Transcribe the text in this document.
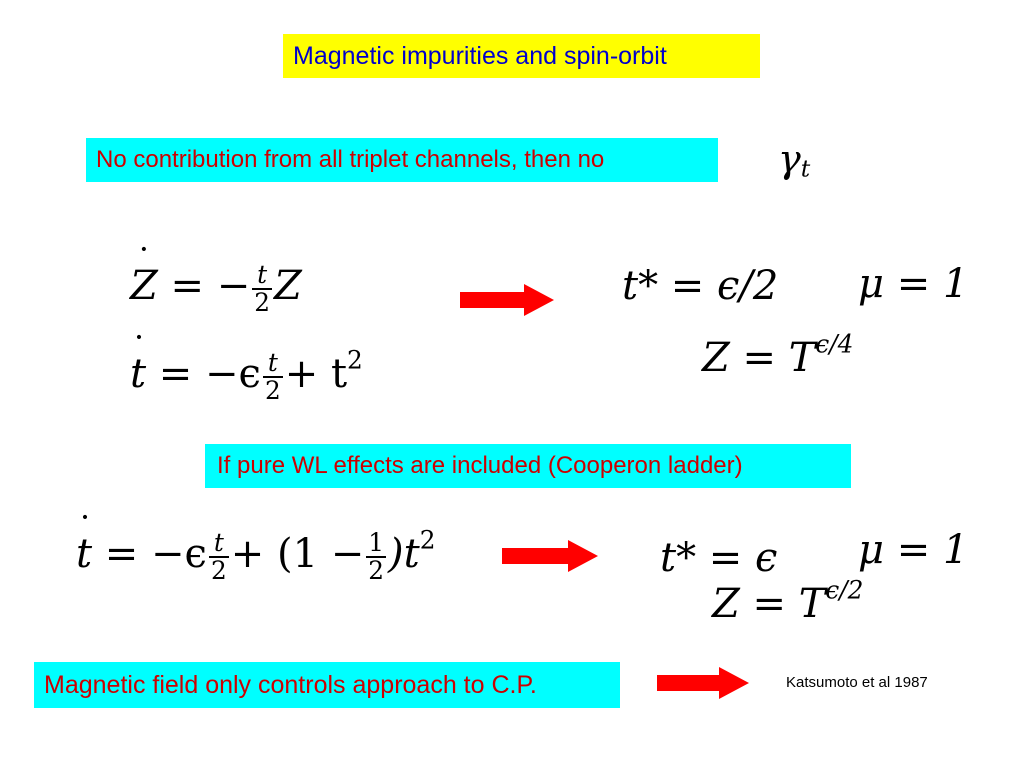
Magnetic impurities and spin-orbit
No contribution from all triplet channels, then no	$\gamma_t$
˙ Z = − $\frac{t}{2}$ Z
˙ $t = -\epsilon \frac{t}{2} + t^2$
t* = ϵ/2 μ = 1
$Z = T^{\epsilon/4}$
If pure WL effects are included (Cooperon ladder)
˙ $t = -\epsilon \frac{t}{2} + (1 - \frac{1}{2} )t^2$	t* = ϵ μ = 1
$Z = T^{\epsilon/2}$
Magnetic field only controls approach to C.P.	Katsumoto et al 1987
